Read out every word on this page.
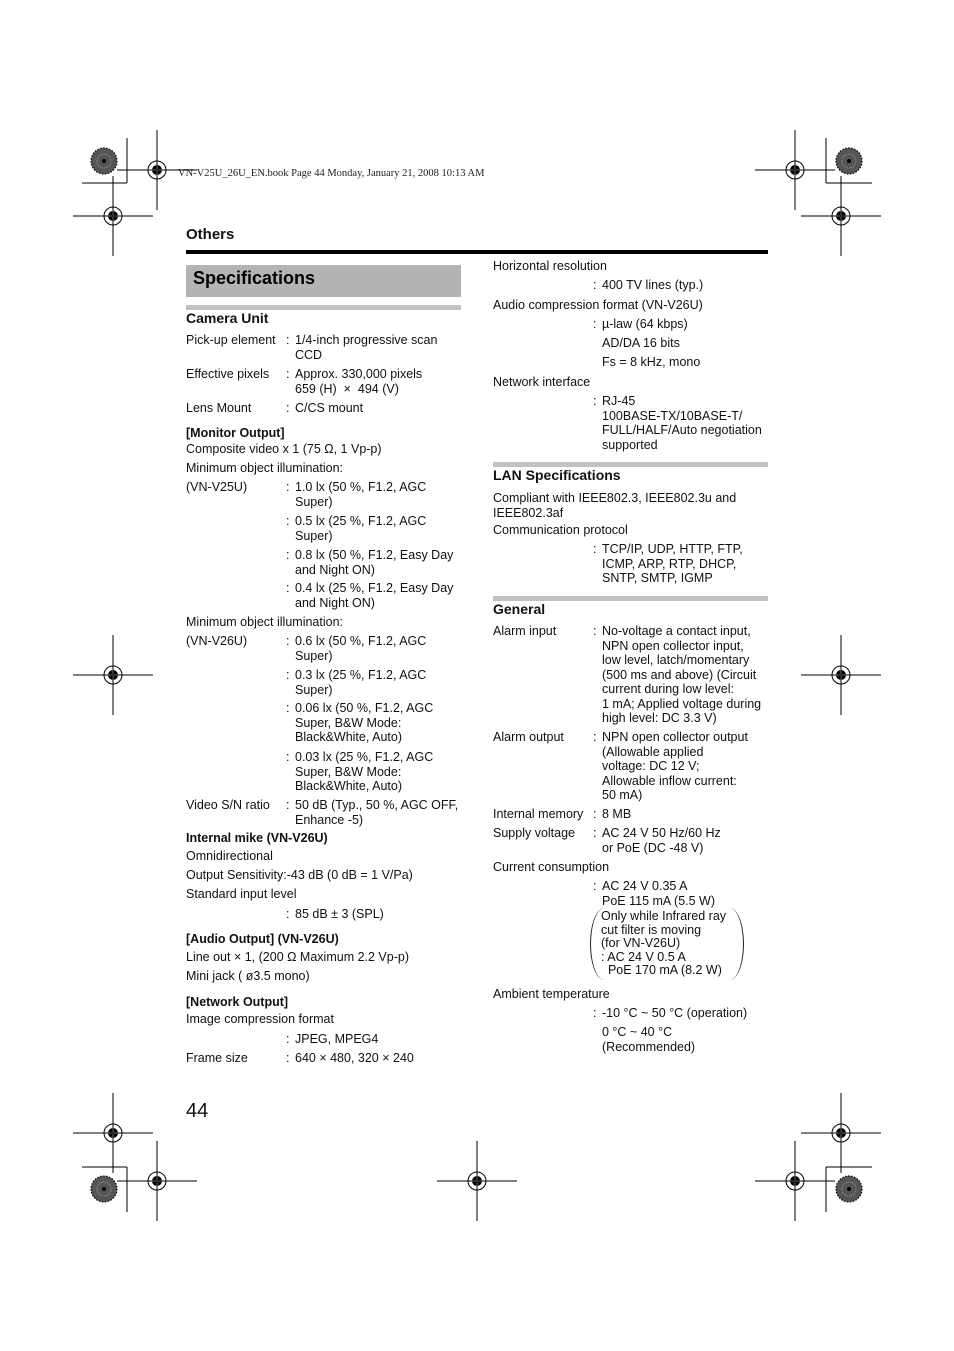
VN-V25U_26U_EN.book Page 44 Monday, January 21, 2008 10:13 AM
Others
Specifications
Camera Unit
Pick-up element : 1/4-inch progressive scan
CCD
Effective pixels : Approx. 330,000 pixels
659 (H)  ×  494 (V)
Lens Mount	: C/CS mount
[Monitor Output]
Composite video x 1 (75 Ω, 1 Vp-p)
Minimum object illumination:
(VN-V25U)	: 1.0 lx (50 %, F1.2, AGC
Super)
: 0.5 lx (25 %, F1.2, AGC
Super)
: 0.8 lx (50 %, F1.2, Easy Day
and Night ON)
: 0.4 lx (25 %, F1.2, Easy Day
and Night ON)
Minimum object illumination:
(VN-V26U)	: 0.6 lx (50 %, F1.2, AGC
Super)
: 0.3 lx (25 %, F1.2, AGC
Super)
: 0.06 lx (50 %, F1.2, AGC
Super, B&W Mode:
Black&White, Auto)
: 0.03 lx (25 %, F1.2, AGC
Super, B&W Mode:
Black&White, Auto)
Video S/N ratio : 50 dB (Typ., 50 %, AGC OFF,
Enhance -5)
Internal mike (VN-V26U)
Omnidirectional
Output Sensitivity:-43 dB (0 dB = 1 V/Pa)
Standard input level
: 85 dB ± 3 (SPL)
[Audio Output] (VN-V26U)
Line out × 1, (200 Ω Maximum 2.2 Vp-p)
Mini jack ( ø3.5 mono)
[Network Output]
Image compression format
: JPEG, MPEG4
Frame size	: 640 × 480, 320 × 240
Horizontal resolution
: 400 TV lines (typ.)
Audio compression format (VN-V26U)
: µ-law (64 kbps)
AD/DA 16 bits
Fs = 8 kHz, mono
Network interface
: RJ-45
100BASE-TX/10BASE-T/
FULL/HALF/Auto negotiation
supported
LAN Specifications
Compliant with IEEE802.3, IEEE802.3u and
IEEE802.3af
Communication protocol
: TCP/IP, UDP, HTTP, FTP,
ICMP, ARP, RTP, DHCP,
SNTP, SMTP, IGMP
General
Alarm input	: No-voltage a contact input,
NPN open collector input,
low level, latch/momentary
(500 ms and above) (Circuit
current during low level:
1 mA; Applied voltage during
high level: DC 3.3 V)
Alarm output : NPN open collector output
(Allowable applied
voltage: DC 12 V;
Allowable inflow current:
50 mA)
Internal memory : 8 MB
Supply voltage : AC 24 V 50 Hz/60 Hz
or PoE (DC -48 V)
Current consumption
: AC 24 V 0.35 A
PoE 115 mA (5.5 W)
Only while Infrared ray
cut filter is moving
(for VN-V26U)
: AC 24 V 0.5 A
PoE 170 mA (8.2 W)
Ambient temperature
: -10 °C ~ 50 °C (operation)
0 °C ~ 40 °C
(Recommended)
44
